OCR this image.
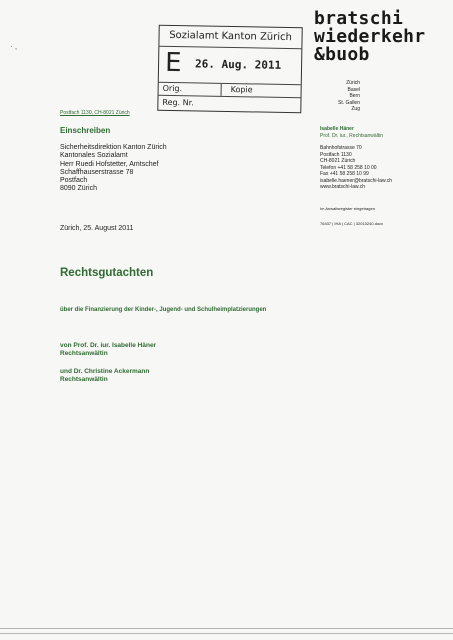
· ,
Sozialamt Kanton Zürich
E 26. Aug. 2011
Orig.	Kopie
Reg. Nr.
bratschi
wiederkehr
&buob
Zürich
Basel
Bern
St. Gallen
Zug
Postfach 1130, CH-8021 Zürich
Isabelle Häner
Prof. Dr. iur., Rechtsanwältin
Bahnhofstrasse 70
Postfach 1130
CH-8021 Zürich
Telefon +41 58 258 10 00
Fax +41 58 258 10 99
isabelle.haener@bratschi-law.ch
www.bratschi-law.ch
Im Anwaltsregister eingetragen
76437 | IHA | CAC | 32010240.docx
Einschreiben
Sicherheitsdirektion Kanton Zürich
Kantonales Sozialamt
Herr Ruedi Hofstetter, Amtschef
Schaffhauserstrasse 78
Postfach
8090 Zürich
Zürich, 25. August 2011
Rechtsgutachten
über die Finanzierung der Kinder-, Jugend- und Schulheimplatzierungen
von Prof. Dr. iur. Isabelle Häner
Rechtsanwältin
und Dr. Christine Ackermann
Rechtsanwältin
